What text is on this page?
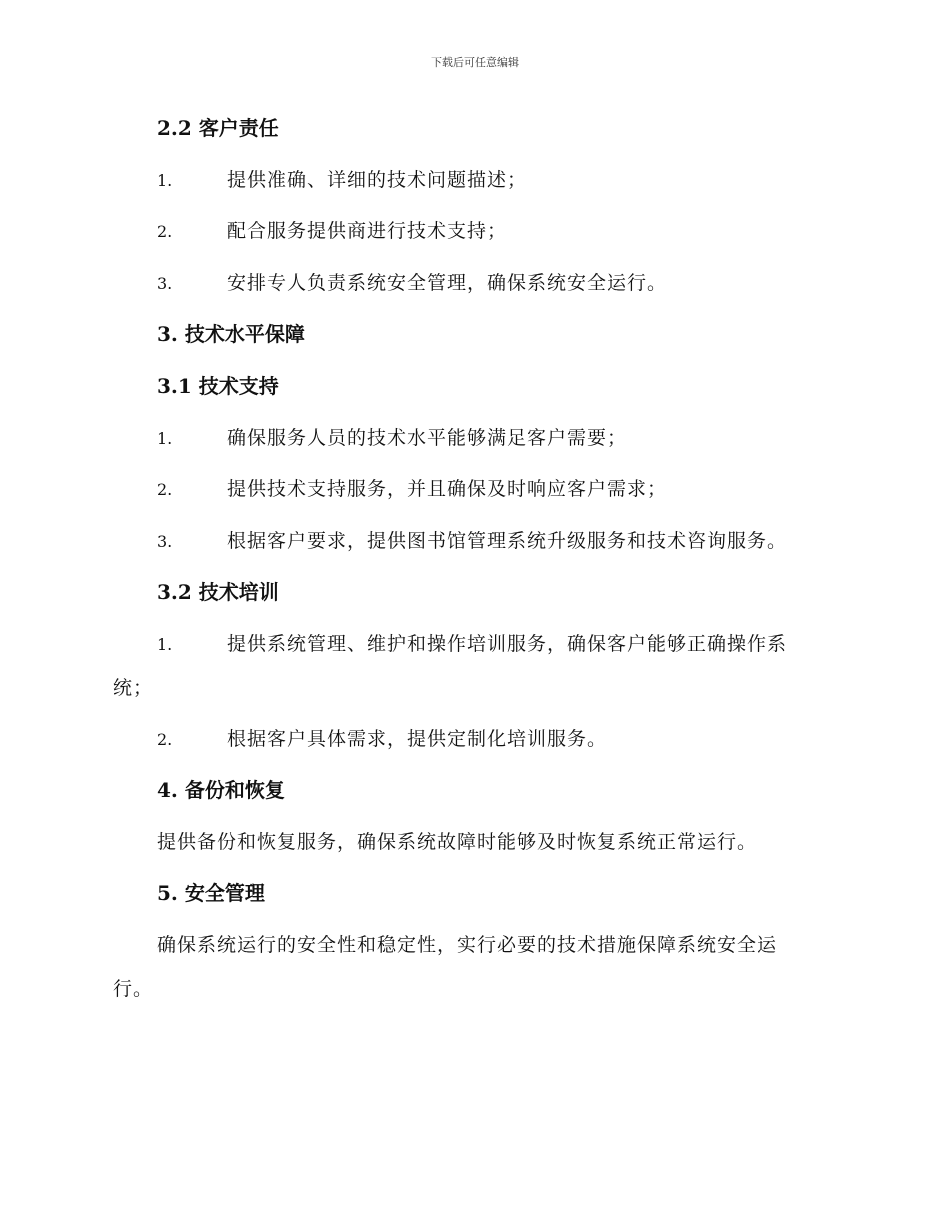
下载后可任意编辑
2.2 客户责任
1.	提供准确、详细的技术问题描述；
2.	配合服务提供商进行技术支持；
3.	安排专人负责系统安全管理，确保系统安全运行。
3. 技术水平保障
3.1 技术支持
1.	确保服务人员的技术水平能够满足客户需要；
2.	提供技术支持服务，并且确保及时响应客户需求；
3.	根据客户要求，提供图书馆管理系统升级服务和技术咨询服务。
3.2 技术培训
1.	提供系统管理、维护和操作培训服务，确保客户能够正确操作系
统；
2.	根据客户具体需求，提供定制化培训服务。
4. 备份和恢复
提供备份和恢复服务，确保系统故障时能够及时恢复系统正常运行。
5. 安全管理
确保系统运行的安全性和稳定性，实行必要的技术措施保障系统安全运
行。
